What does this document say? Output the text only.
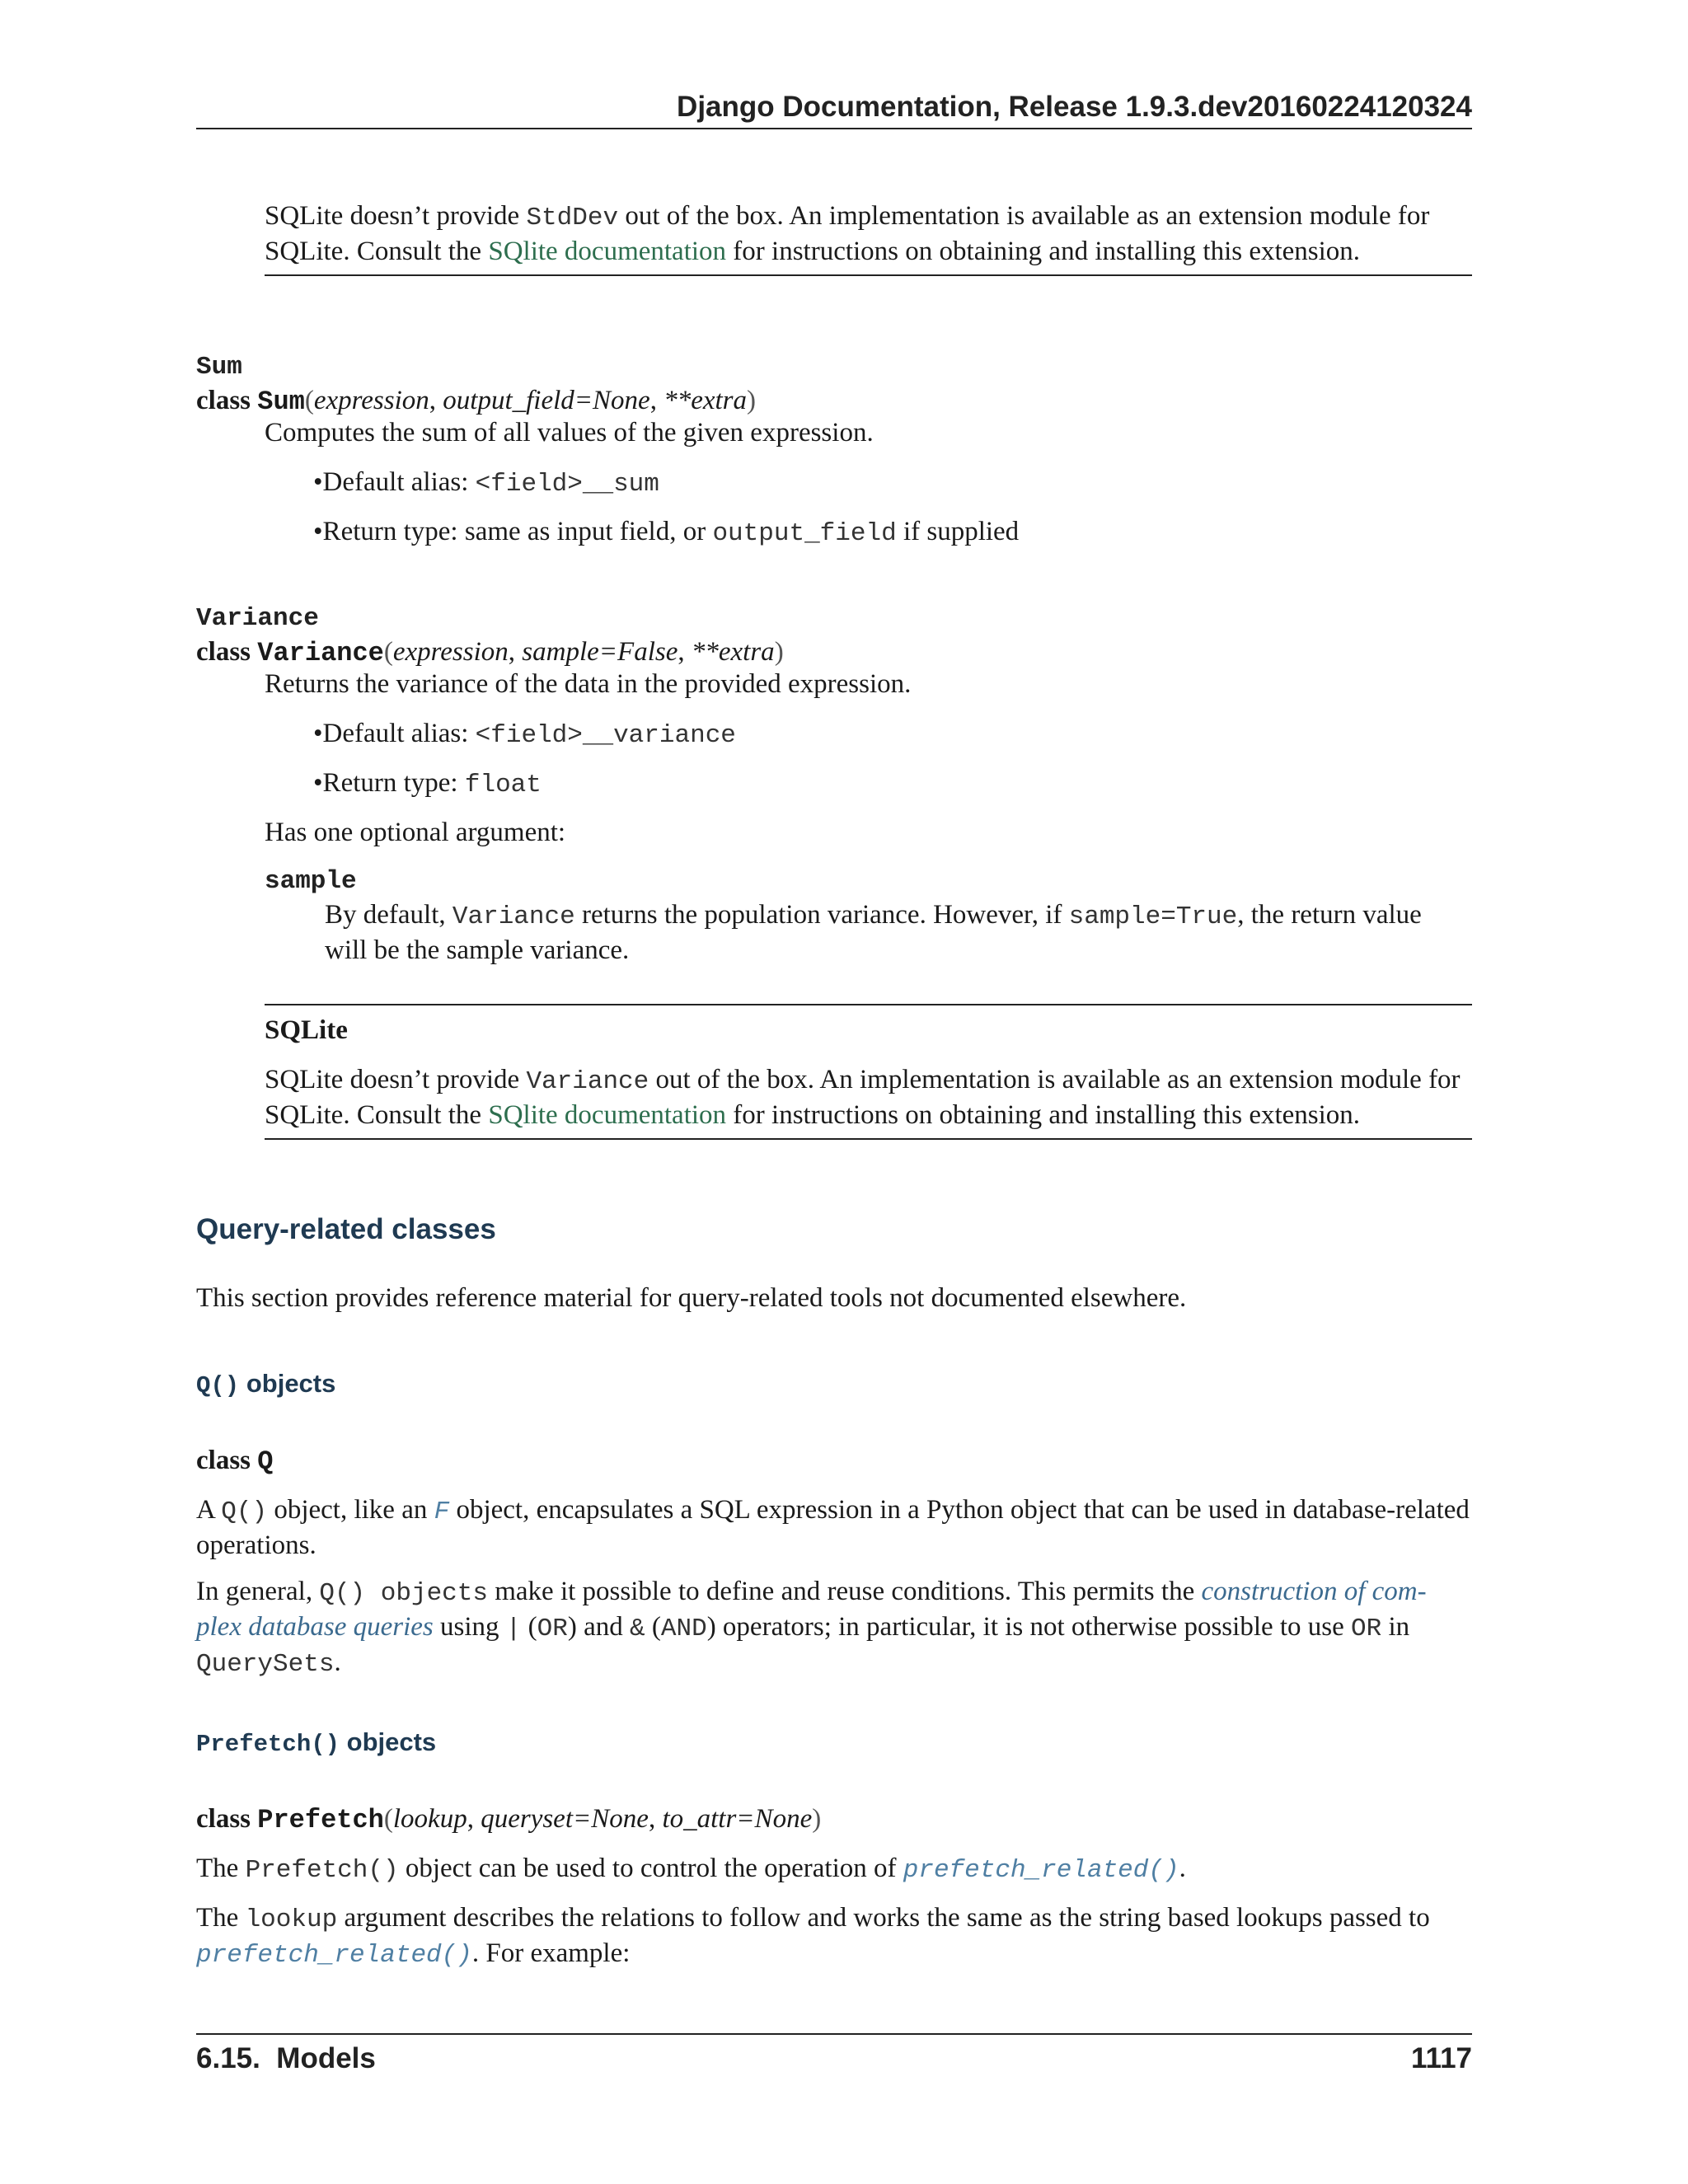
Django Documentation, Release 1.9.3.dev20160224120324
SQLite doesn’t provide StdDev out of the box. An implementation is available as an extension module for
SQLite. Consult the SQlite documentation for instructions on obtaining and installing this extension.
Sum
class Sum(expression, output_field=None, **extra)
Computes the sum of all values of the given expression.
•Default alias: <field>__sum
•Return type: same as input field, or output_field if supplied
Variance
class Variance(expression, sample=False, **extra)
Returns the variance of the data in the provided expression.
•Default alias: <field>__variance
•Return type: float
Has one optional argument:
sample
By default, Variance returns the population variance. However, if sample=True, the return value
will be the sample variance.
SQLite
SQLite doesn’t provide Variance out of the box. An implementation is available as an extension module for
SQLite. Consult the SQlite documentation for instructions on obtaining and installing this extension.
Query-related classes
This section provides reference material for query-related tools not documented elsewhere.
Q() objects
class Q
A Q() object, like an F object, encapsulates a SQL expression in a Python object that can be used in database-related
operations.
In general, Q() objects make it possible to define and reuse conditions. This permits the construction of com-
plex database queries using | (OR) and & (AND) operators; in particular, it is not otherwise possible to use OR in
QuerySets.
Prefetch() objects
class Prefetch(lookup, queryset=None, to_attr=None)
The Prefetch() object can be used to control the operation of prefetch_related().
The lookup argument describes the relations to follow and works the same as the string based lookups passed to
prefetch_related(). For example:
6.15.  Models	1117
